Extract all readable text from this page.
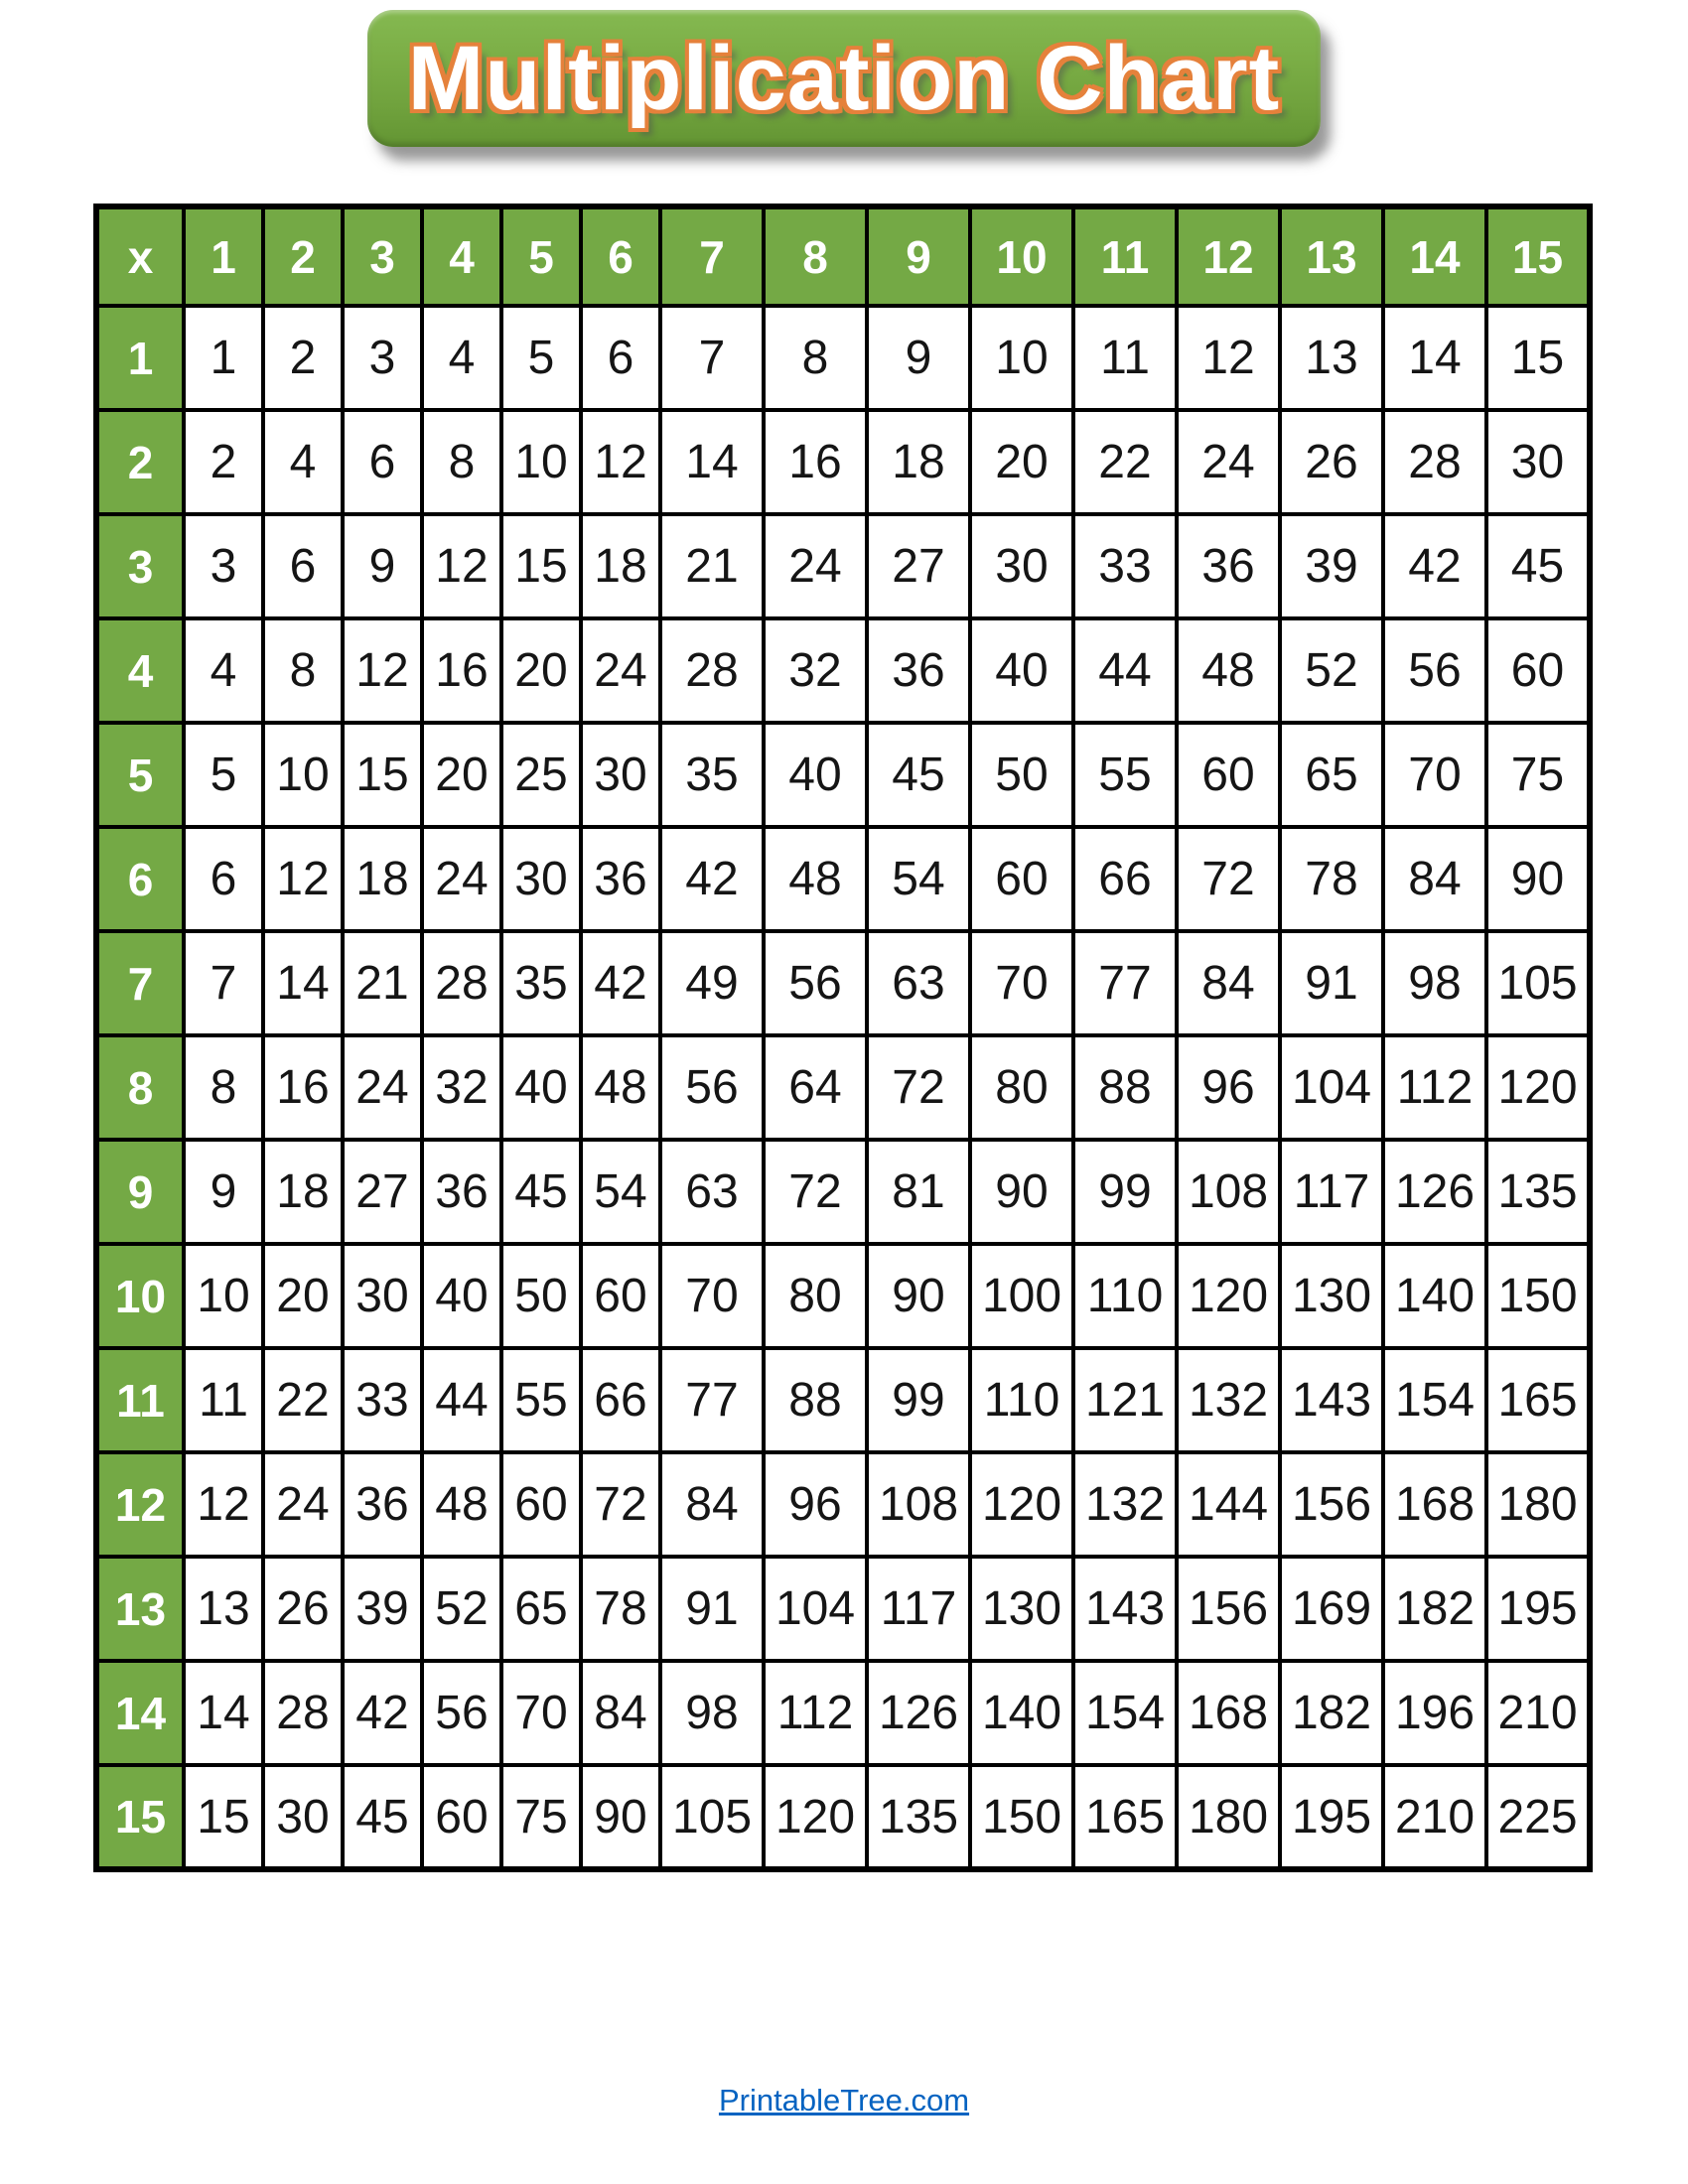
Multiplication Chart
x	1	2	3	4	5	6	7	8	9	10	11	12	13	14	15
1	1	2	3	4	5	6	7	8	9	10	11	12	13	14	15
2	2	4	6	8	10	12	14	16	18	20	22	24	26	28	30
3	3	6	9	12	15	18	21	24	27	30	33	36	39	42	45
4	4	8	12	16	20	24	28	32	36	40	44	48	52	56	60
5	5	10	15	20	25	30	35	40	45	50	55	60	65	70	75
6	6	12	18	24	30	36	42	48	54	60	66	72	78	84	90
7	7	14	21	28	35	42	49	56	63	70	77	84	91	98	105
8	8	16	24	32	40	48	56	64	72	80	88	96	104	112	120
9	9	18	27	36	45	54	63	72	81	90	99	108	117	126	135
10	10	20	30	40	50	60	70	80	90	100	110	120	130	140	150
11	11	22	33	44	55	66	77	88	99	110	121	132	143	154	165
12	12	24	36	48	60	72	84	96	108	120	132	144	156	168	180
13	13	26	39	52	65	78	91	104	117	130	143	156	169	182	195
14	14	28	42	56	70	84	98	112	126	140	154	168	182	196	210
15	15	30	45	60	75	90	105	120	135	150	165	180	195	210	225
PrintableTree.com
